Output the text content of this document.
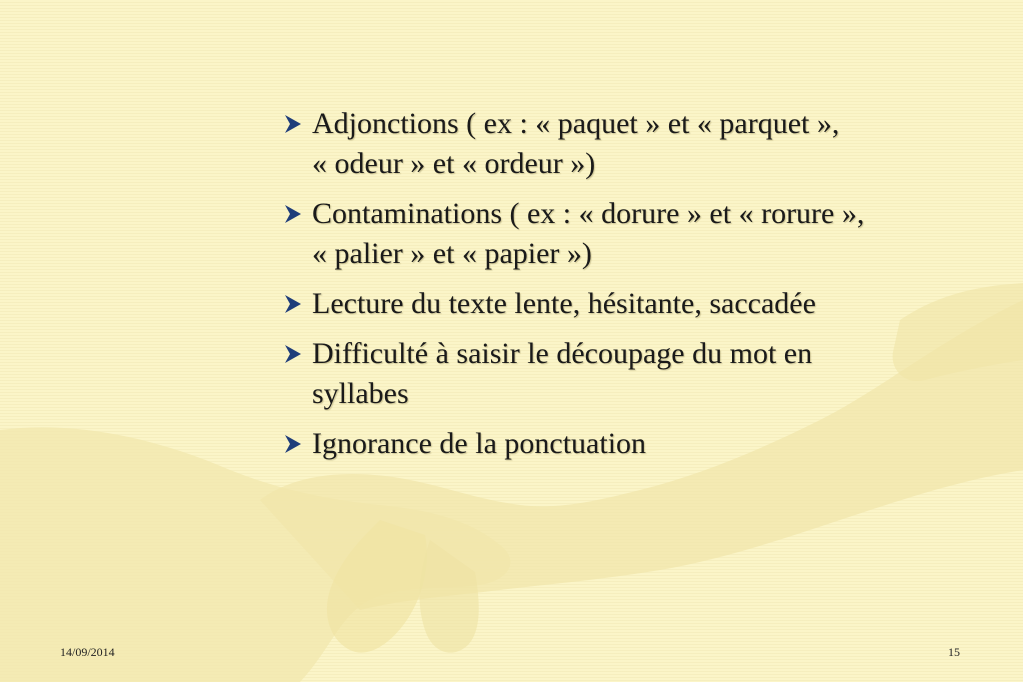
Adjonctions ( ex : « paquet » et « parquet »,
« odeur » et « ordeur »)
Contaminations ( ex : « dorure » et « rorure »,
« palier » et « papier »)
Lecture du texte lente, hésitante, saccadée
Difficulté à saisir le découpage du mot en
syllabes
Ignorance de la ponctuation
14/09/2014	15
